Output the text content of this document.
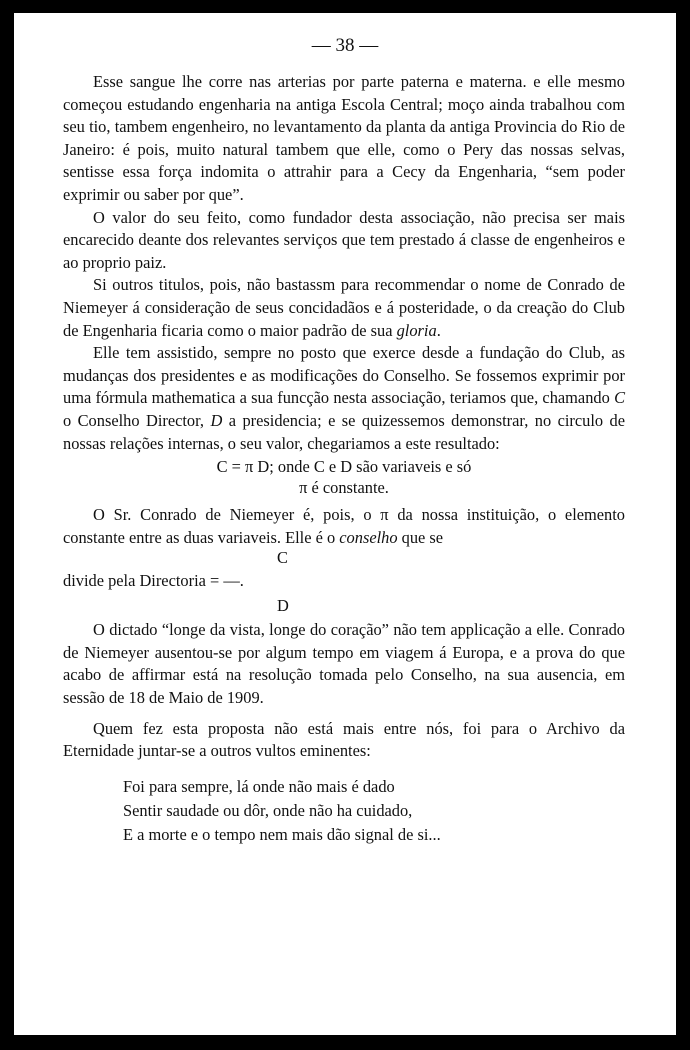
— 38 —

Esse sangue lhe corre nas arterias por parte paterna e materna. e elle mesmo começou estudando engenharia na antiga Escola Central; moço ainda trabalhou com seu tio, tambem engenheiro, no levantamento da planta da antiga Provincia do Rio de Janeiro: é pois, muito natural tambem que elle, como o Pery das nossas selvas, sentisse essa força indomita o attrahir para a Cecy da Engenharia, “sem poder exprimir ou saber por que”.

O valor do seu feito, como fundador desta associação, não precisa ser mais encarecido deante dos relevantes serviços que tem prestado á classe de engenheiros e ao proprio paiz.

Si outros titulos, pois, não bastassm para recommendar o nome de Conrado de Niemeyer á consideração de seus concidadãos e á posteridade, o da creação do Club de Engenharia ficaria como o maior padrão de sua gloria.

Elle tem assistido, sempre no posto que exerce desde a fundação do Club, as mudanças dos presidentes e as modificações do Conselho. Se fossemos exprimir por uma fórmula mathematica a sua funcção nesta associação, teriamos que, chamando C o Conselho Director, D a presidencia; e se quizessemos demonstrar, no circulo de nossas relações internas, o seu valor, chegariamos a este resultado:

C = π D; onde C e D são variaveis e só
π é constante.

O Sr. Conrado de Niemeyer é, pois, o π da nossa instituição, o elemento constante entre as duas variaveis. Elle é o conselho que se

C
divide pela Directoria = —.
D

O dictado “longe da vista, longe do coração” não tem applicação a elle. Conrado de Niemeyer ausentou-se por algum tempo em viagem á Europa, e a prova do que acabo de affirmar está na resolução tomada pelo Conselho, na sua ausencia, em sessão de 18 de Maio de 1909.

Quem fez esta proposta não está mais entre nós, foi para o Archivo da Eternidade juntar-se a outros vultos eminentes:

Foi para sempre, lá onde não mais é dado
Sentir saudade ou dôr, onde não ha cuidado,
E a morte e o tempo nem mais dão signal de si...
